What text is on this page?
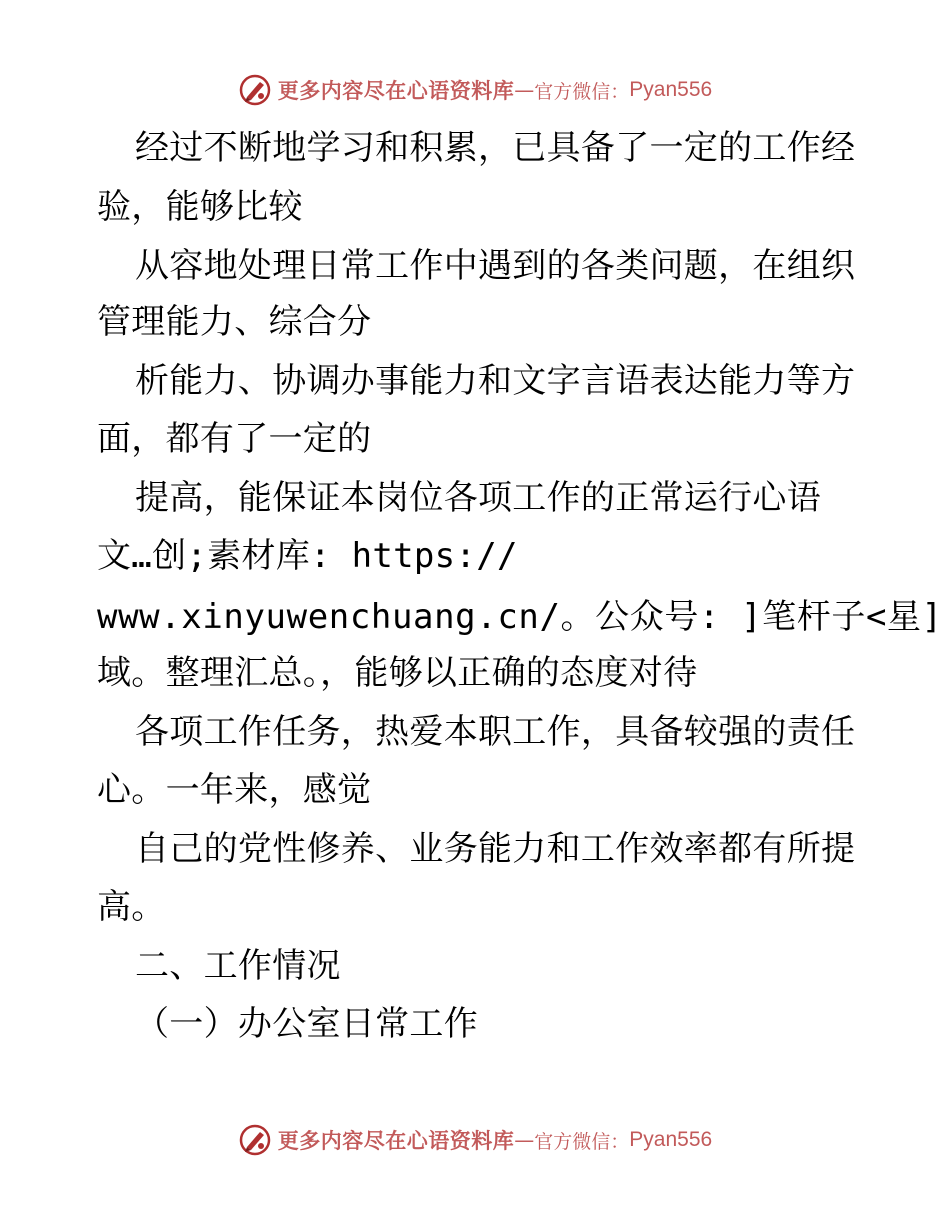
更多内容尽在心语资料库 — 官方微信： Pyan556
经过不断地学习和积累，已具备了一定的工作经
验，能够比较
从容地处理日常工作中遇到的各类问题，在组织
管理能力、综合分
析能力、协调办事能力和文字言语表达能力等方
面，都有了一定的
提高，能保证本岗位各项工作的正常运行心语
文…创;素材库: https://
www.xinyuwenchuang.cn/。公众号: ]笔杆子<星]
域。整理汇总。，能够以正确的态度对待
各项工作任务，热爱本职工作，具备较强的责任
心。一年来，感觉
自己的党性修养、业务能力和工作效率都有所提
高。
二、工作情况
（一）办公室日常工作
更多内容尽在心语资料库 — 官方微信： Pyan556
